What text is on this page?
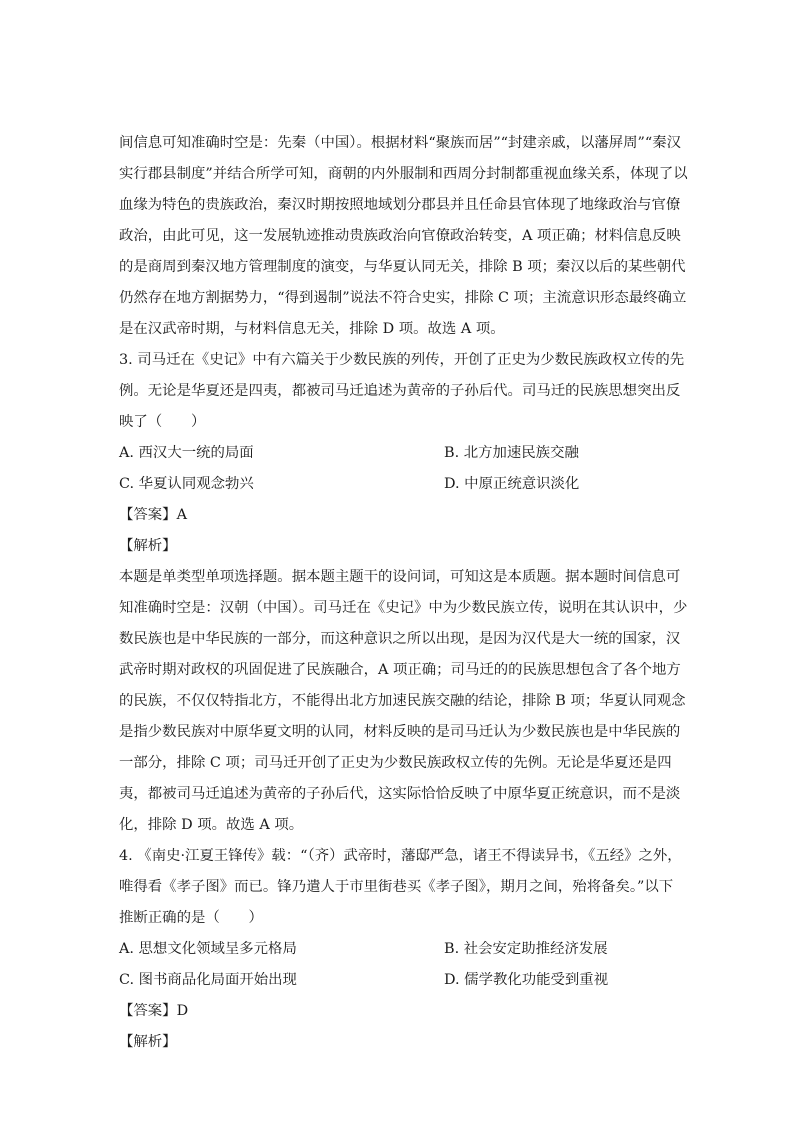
间信息可知准确时空是：先秦（中国）。根据材料“聚族而居”“封建亲戚，以藩屏周”“秦汉
实行郡县制度”并结合所学可知，商朝的内外服制和西周分封制都重视血缘关系，体现了以
血缘为特色的贵族政治，秦汉时期按照地域划分郡县并且任命县官体现了地缘政治与官僚
政治，由此可见，这一发展轨迹推动贵族政治向官僚政治转变，A 项正确；材料信息反映
的是商周到秦汉地方管理制度的演变，与华夏认同无关，排除 B 项；秦汉以后的某些朝代
仍然存在地方割据势力，“得到遏制”说法不符合史实，排除 C 项；主流意识形态最终确立
是在汉武帝时期，与材料信息无关，排除 D 项。故选 A 项。
3. 司马迁在《史记》中有六篇关于少数民族的列传，开创了正史为少数民族政权立传的先
例。无论是华夏还是四夷，都被司马迁追述为黄帝的子孙后代。司马迁的民族思想突出反
映了（　　）
A. 西汉大一统的局面	B. 北方加速民族交融
C. 华夏认同观念勃兴	D. 中原正统意识淡化
【答案】A
【解析】
本题是单类型单项选择题。据本题主题干的设问词，可知这是本质题。据本题时间信息可
知准确时空是：汉朝（中国）。司马迁在《史记》中为少数民族立传，说明在其认识中，少
数民族也是中华民族的一部分，而这种意识之所以出现，是因为汉代是大一统的国家，汉
武帝时期对政权的巩固促进了民族融合，A 项正确；司马迁的的民族思想包含了各个地方
的民族，不仅仅特指北方，不能得出北方加速民族交融的结论，排除 B 项；华夏认同观念
是指少数民族对中原华夏文明的认同，材料反映的是司马迁认为少数民族也是中华民族的
一部分，排除 C 项；司马迁开创了正史为少数民族政权立传的先例。无论是华夏还是四
夷，都被司马迁追述为黄帝的子孙后代，这实际恰恰反映了中原华夏正统意识，而不是淡
化，排除 D 项。故选 A 项。
4. 《南史·江夏王锋传》载：“（齐）武帝时，藩邸严急，诸王不得读异书，《五经》之外，
唯得看《孝子图》而已。锋乃遣人于市里街巷买《孝子图》，期月之间，殆将备矣。”以下
推断正确的是（　　）
A. 思想文化领域呈多元格局	B. 社会安定助推经济发展
C. 图书商品化局面开始出现	D. 儒学教化功能受到重视
【答案】D
【解析】
